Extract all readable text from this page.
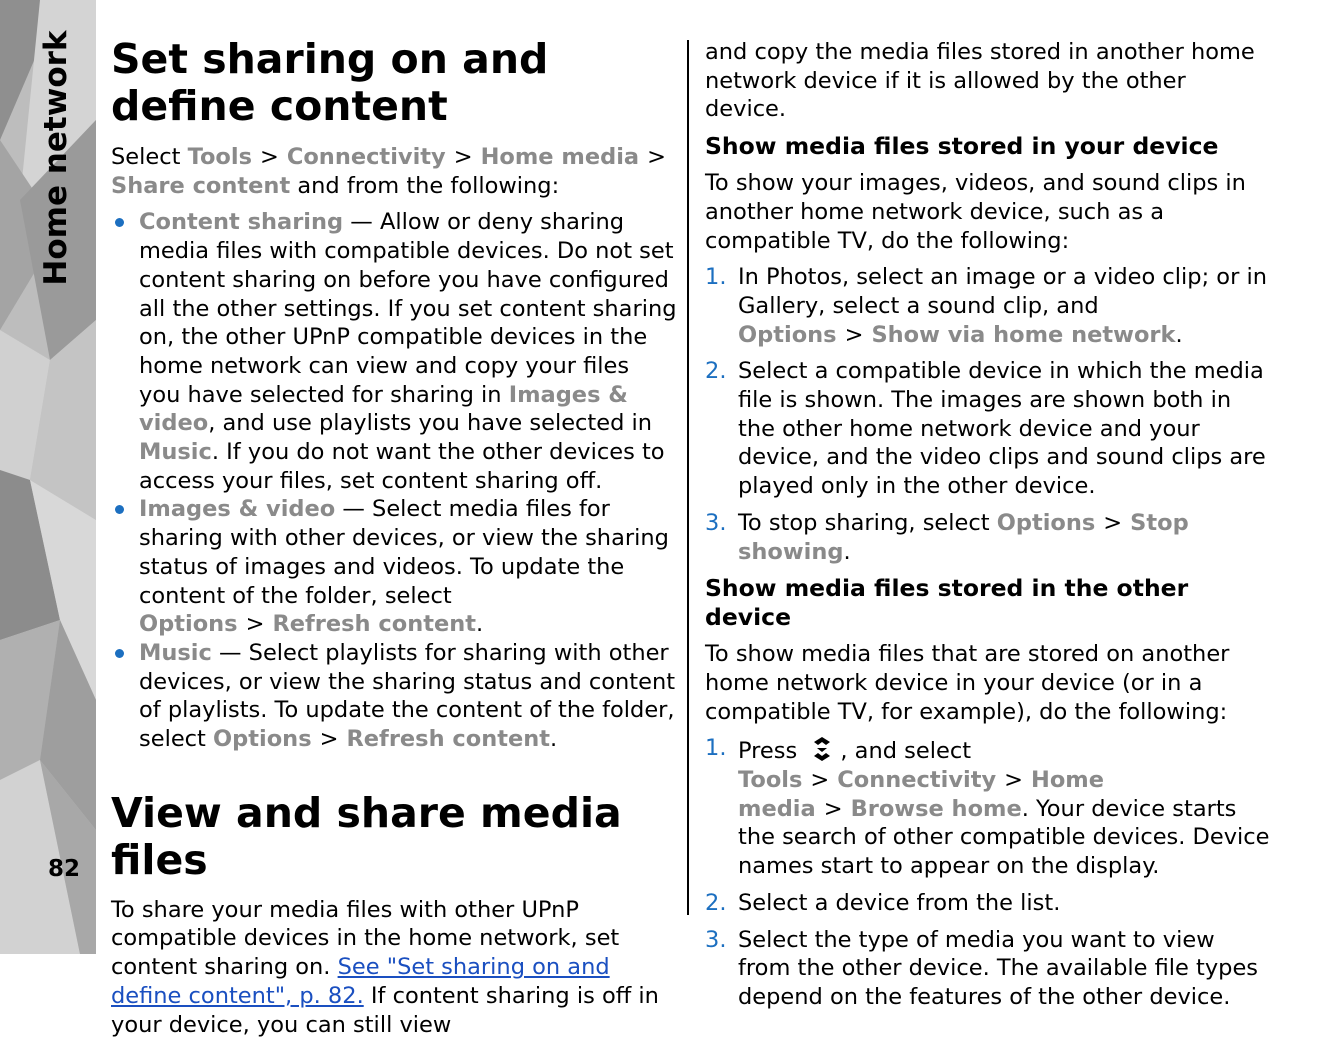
Home network
82
Set sharing on and define content

Select Tools > Connectivity > Home media >
Share content and from the following:

Content sharing — Allow or deny sharing media files with compatible devices. Do not set content sharing on before you have configured all the other settings. If you set content sharing on, the other UPnP compatible devices in the home network can view and copy your files you have selected for sharing in Images & video, and use playlists you have selected in Music. If you do not want the other devices to access your files, set content sharing off.
Images & video — Select media files for sharing with other devices, or view the sharing status of images and videos. To update the content of the folder, select Options > Refresh content.
Music — Select playlists for sharing with other devices, or view the sharing status and content of playlists. To update the content of the folder, select Options > Refresh content.
View and share media files

To share your media files with other UPnP compatible devices in the home network, set content sharing on. See "Set sharing on and define content", p. 82. If content sharing is off in your device, you can still view

and copy the media files stored in another home network device if it is allowed by the other device.

Show media files stored in your device

To show your images, videos, and sound clips in another home network device, such as a compatible TV, do the following:

1. In Photos, select an image or a video clip; or in Gallery, select a sound clip, and Options > Show via home network.
2. Select a compatible device in which the media file is shown. The images are shown both in the other home network device and your device, and the video clips and sound clips are played only in the other device.
3. To stop sharing, select Options > Stop showing.
Show media files stored in the other device

To show media files that are stored on another home network device in your device (or in a compatible TV, for example), do the following:

1. Press , and select Tools > Connectivity > Home media > Browse home. Your device starts the search of other compatible devices. Device names start to appear on the display.
2. Select a device from the list.
3. Select the type of media you want to view from the other device. The available file types depend on the features of the other device.
